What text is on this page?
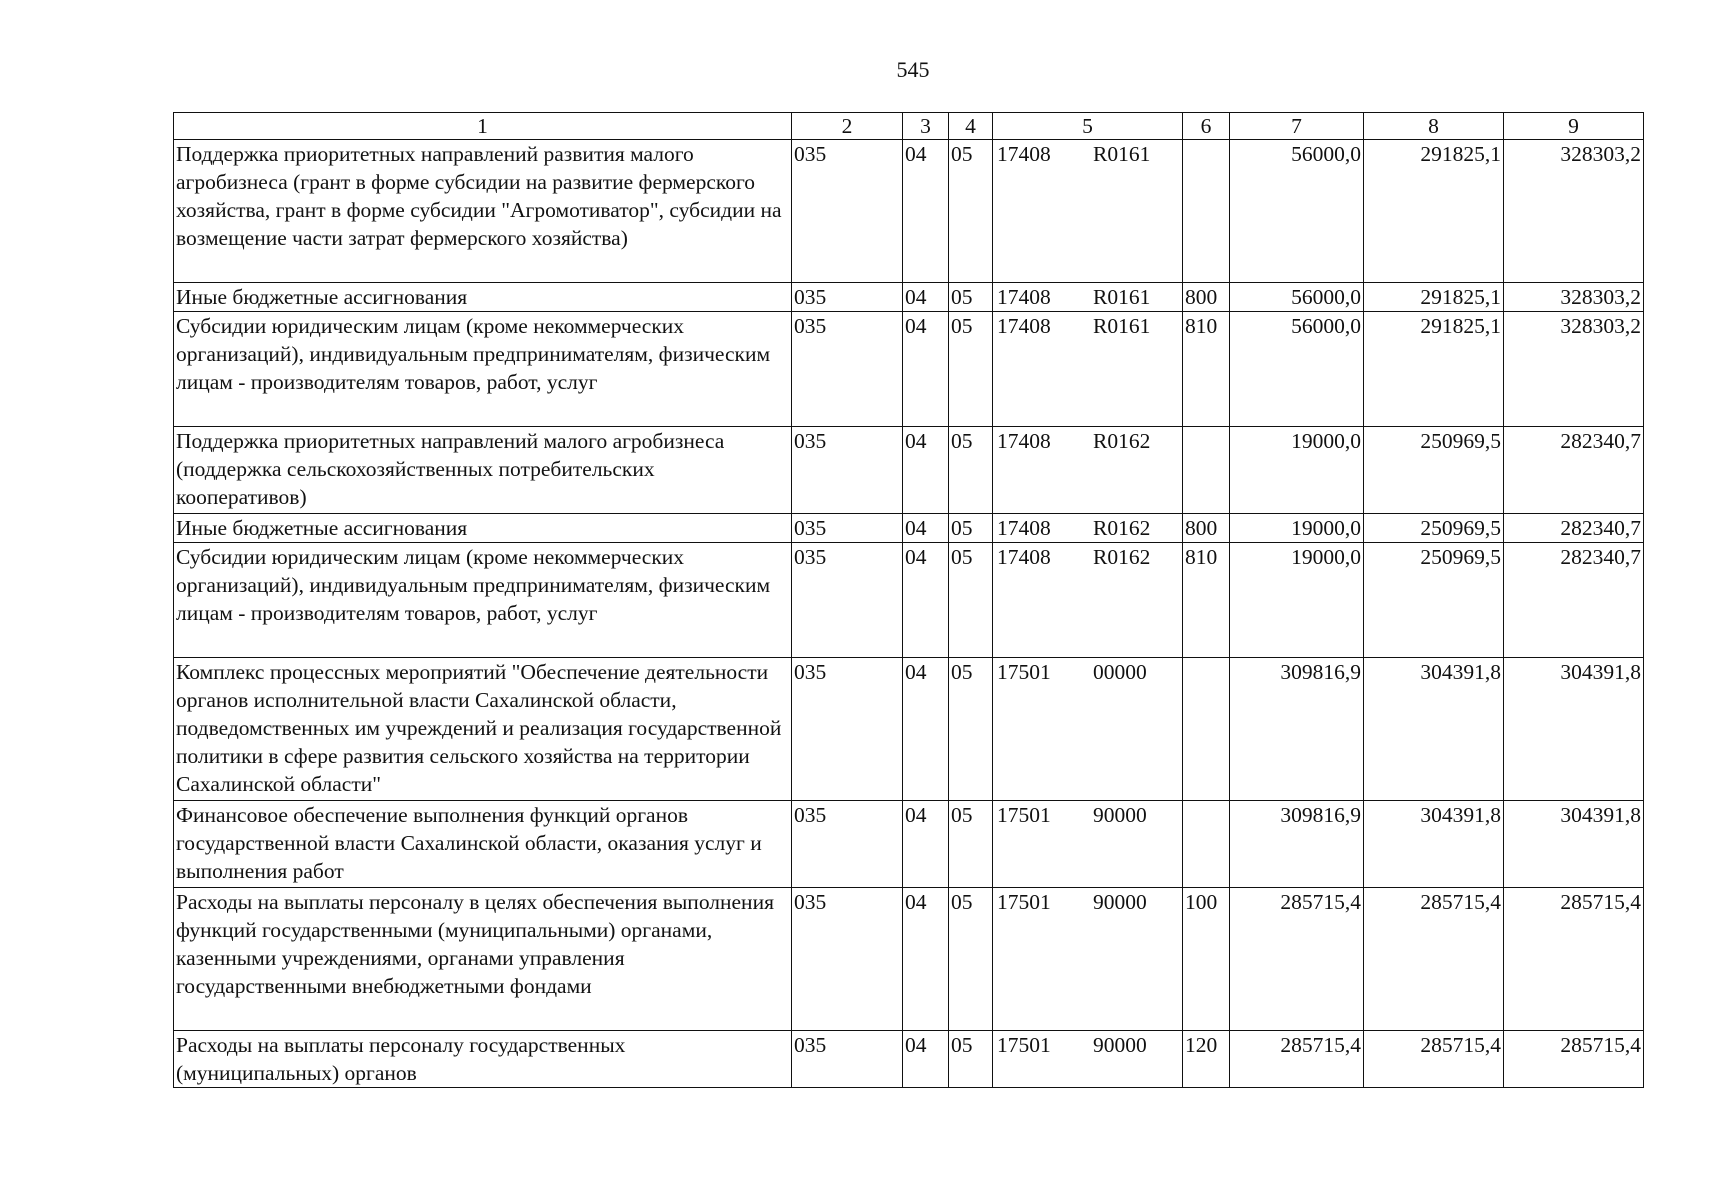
545
1	2	3	4	5	6	7	8	9
Поддержка приоритетных направлений развития малого агробизнеса (грант в форме субсидии на развитие фермерского хозяйства, грант в форме субсидии "Агромотиватор", субсидии на возмещение части затрат фермерского хозяйства)	035	04	05	17408 R0161		56000,0	291825,1	328303,2
Иные бюджетные ассигнования	035	04	05	17408 R0161	800	56000,0	291825,1	328303,2
Субсидии юридическим лицам (кроме некоммерческих организаций), индивидуальным предпринимателям, физическим лицам - производителям товаров, работ, услуг	035	04	05	17408 R0161	810	56000,0	291825,1	328303,2
Поддержка приоритетных направлений малого агробизнеса (поддержка сельскохозяйственных потребительских кооперативов)	035	04	05	17408 R0162		19000,0	250969,5	282340,7
Иные бюджетные ассигнования	035	04	05	17408 R0162	800	19000,0	250969,5	282340,7
Субсидии юридическим лицам (кроме некоммерческих организаций), индивидуальным предпринимателям, физическим лицам - производителям товаров, работ, услуг	035	04	05	17408 R0162	810	19000,0	250969,5	282340,7
Комплекс процессных мероприятий "Обеспечение деятельности органов исполнительной власти Сахалинской области, подведомственных им учреждений и реализация государственной политики в сфере развития сельского хозяйства на территории Сахалинской области"	035	04	05	17501 00000		309816,9	304391,8	304391,8
Финансовое обеспечение выполнения функций органов государственной власти Сахалинской области, оказания услуг и выполнения работ	035	04	05	17501 90000		309816,9	304391,8	304391,8
Расходы на выплаты персоналу в целях обеспечения выполнения функций государственными (муниципальными) органами, казенными учреждениями, органами управления государственными внебюджетными фондами	035	04	05	17501 90000	100	285715,4	285715,4	285715,4
Расходы на выплаты персоналу государственных (муниципальных) органов	035	04	05	17501 90000	120	285715,4	285715,4	285715,4
